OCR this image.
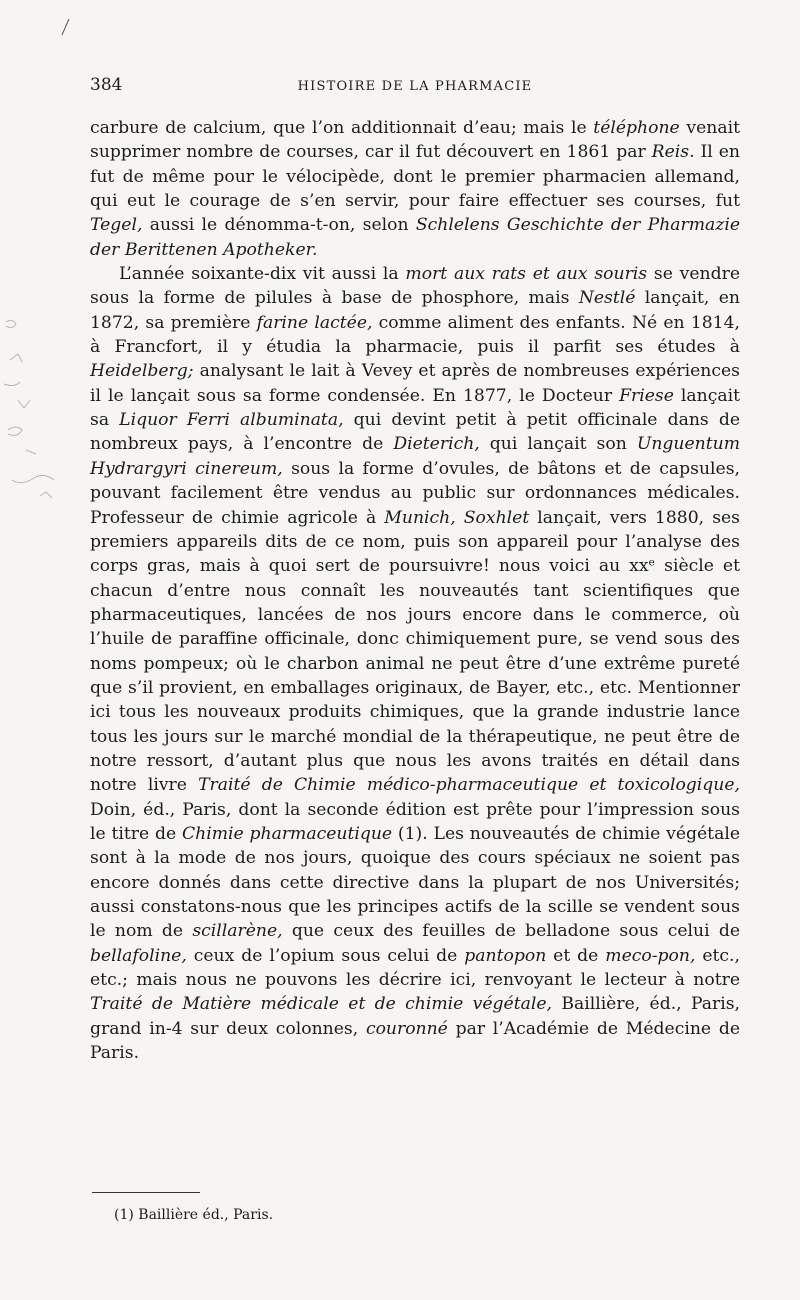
384	HISTOIRE DE LA PHARMACIE

carbure de calcium, que l’on additionnait d’eau; mais le téléphone venait supprimer nombre de courses, car il fut découvert en 1861 par Reis. Il en fut de même pour le vélocipède, dont le premier pharmacien allemand, qui eut le courage de s’en servir, pour faire effectuer ses courses, fut Tegel, aussi le dénomma-t-on, selon Schlelens Geschichte der Pharmazie der Berittenen Apotheker.

L’année soixante-dix vit aussi la mort aux rats et aux souris se vendre sous la forme de pilules à base de phosphore, mais Nestlé lançait, en 1872, sa première farine lactée, comme aliment des enfants. Né en 1814, à Francfort, il y étudia la pharmacie, puis il parfit ses études à Heidelberg; analysant le lait à Vevey et après de nombreuses expériences il le lançait sous sa forme condensée. En 1877, le Docteur Friese lançait sa Liquor Ferri albuminata, qui devint petit à petit officinale dans de nombreux pays, à l’encontre de Dieterich, qui lançait son Unguentum Hydrargyri cinereum, sous la forme d’ovules, de bâtons et de capsules, pouvant facilement être vendus au public sur ordonnances médicales. Professeur de chimie agricole à Munich, Soxhlet lançait, vers 1880, ses premiers appareils dits de ce nom, puis son appareil pour l’analyse des corps gras, mais à quoi sert de poursuivre! nous voici au xxᵉ siècle et chacun d’entre nous connaît les nouveautés tant scientifiques que pharmaceutiques, lancées de nos jours encore dans le commerce, où l’huile de paraffine officinale, donc chimiquement pure, se vend sous des noms pompeux; où le charbon animal ne peut être d’une extrême pureté que s’il provient, en emballages originaux, de Bayer, etc., etc. Mentionner ici tous les nouveaux produits chimiques, que la grande industrie lance tous les jours sur le marché mondial de la thérapeutique, ne peut être de notre ressort, d’autant plus que nous les avons traités en détail dans notre livre Traité de Chimie médico-pharmaceutique et toxicologique, Doin, éd., Paris, dont la seconde édition est prête pour l’impression sous le titre de Chimie pharmaceutique (1). Les nouveautés de chimie végétale sont à la mode de nos jours, quoique des cours spéciaux ne soient pas encore donnés dans cette directive dans la plupart de nos Universités; aussi constatons-nous que les principes actifs de la scille se vendent sous le nom de scillarène, que ceux des feuilles de belladone sous celui de bellafoline, ceux de l’opium sous celui de pantopon et de meco-pon, etc., etc.; mais nous ne pouvons les décrire ici, renvoyant le lecteur à notre Traité de Matière médicale et de chimie végétale, Baillière, éd., Paris, grand in-4 sur deux colonnes, couronné par l’Académie de Médecine de Paris.

(1) Baillière éd., Paris.
